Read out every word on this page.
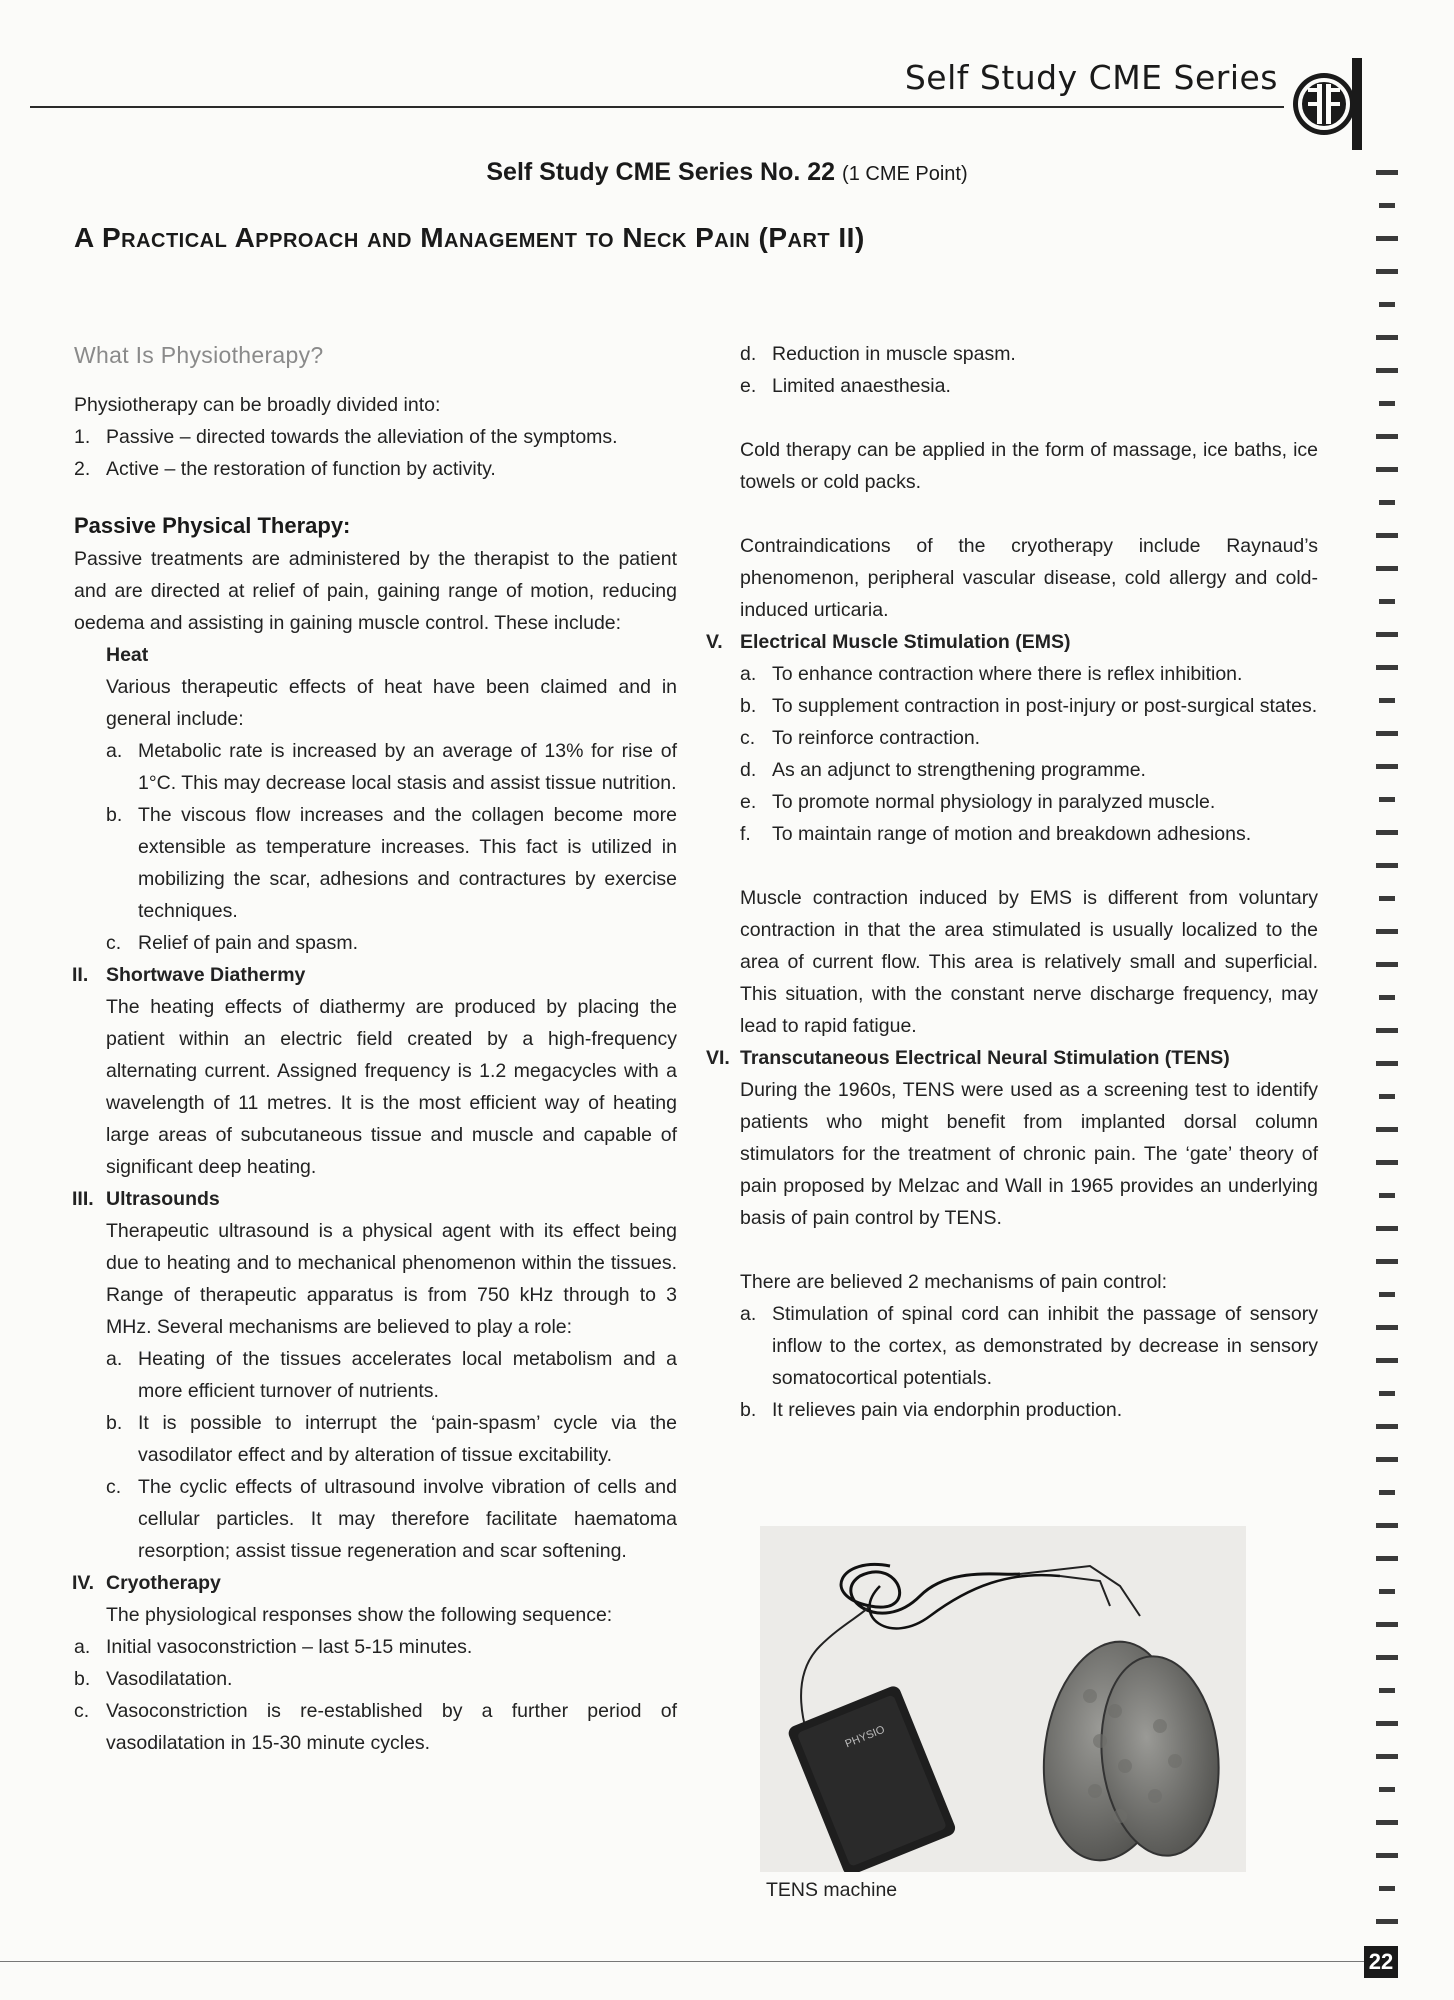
Self Study CME Series
Self Study CME Series No. 22 (1 CME Point)
A Practical Approach and Management to Neck Pain (Part II)
What Is Physiotherapy?

Physiotherapy can be broadly divided into:

1. Passive – directed towards the alleviation of the symptoms.

2. Active – the restoration of function by activity.

Passive Physical Therapy:

Passive treatments are administered by the therapist to the patient and are directed at relief of pain, gaining range of motion, reducing oedema and assisting in gaining muscle control. These include:

Heat

Various therapeutic effects of heat have been claimed and in general include:

a. Metabolic rate is increased by an average of 13% for rise of 1°C. This may decrease local stasis and assist tissue nutrition.

b. The viscous flow increases and the collagen become more extensible as temperature increases. This fact is utilized in mobilizing the scar, adhesions and contractures by exercise techniques.

c. Relief of pain and spasm.

II. Shortwave Diathermy

The heating effects of diathermy are produced by placing the patient within an electric field created by a high-frequency alternating current. Assigned frequency is 1.2 megacycles with a wavelength of 11 metres. It is the most efficient way of heating large areas of subcutaneous tissue and muscle and capable of significant deep heating.

III. Ultrasounds

Therapeutic ultrasound is a physical agent with its effect being due to heating and to mechanical phenomenon within the tissues. Range of therapeutic apparatus is from 750 kHz through to 3 MHz. Several mechanisms are believed to play a role:

a. Heating of the tissues accelerates local metabolism and a more efficient turnover of nutrients.

b. It is possible to interrupt the ‘pain-spasm’ cycle via the vasodilator effect and by alteration of tissue excitability.

c. The cyclic effects of ultrasound involve vibration of cells and cellular particles. It may therefore facilitate haematoma resorption; assist tissue regeneration and scar softening.

IV. Cryotherapy

The physiological responses show the following sequence:

a. Initial vasoconstriction – last 5-15 minutes.

b. Vasodilatation.

c. Vasoconstriction is re-established by a further period of vasodilatation in 15-30 minute cycles.

d. Reduction in muscle spasm.

e. Limited anaesthesia.

Cold therapy can be applied in the form of massage, ice baths, ice towels or cold packs.

Contraindications of the cryotherapy include Raynaud’s phenomenon, peripheral vascular disease, cold allergy and cold-induced urticaria.

V. Electrical Muscle Stimulation (EMS)
a. To enhance contraction where there is reflex inhibition.

b. To supplement contraction in post-injury or post-surgical states.

c. To reinforce contraction.

d. As an adjunct to strengthening programme.

e. To promote normal physiology in paralyzed muscle.

f. To maintain range of motion and breakdown adhesions.

Muscle contraction induced by EMS is different from voluntary contraction in that the area stimulated is usually localized to the area of current flow. This area is relatively small and superficial. This situation, with the constant nerve discharge frequency, may lead to rapid fatigue.

VI. Transcutaneous Electrical Neural Stimulation (TENS)

During the 1960s, TENS were used as a screening test to identify patients who might benefit from implanted dorsal column stimulators for the treatment of chronic pain. The ‘gate’ theory of pain proposed by Melzac and Wall in 1965 provides an underlying basis of pain control by TENS.

There are believed 2 mechanisms of pain control:

a. Stimulation of spinal cord can inhibit the passage of sensory inflow to the cortex, as demonstrated by decrease in sensory somatocortical potentials.

b. It relieves pain via endorphin production.

PHYSIO
TENS machine
22
